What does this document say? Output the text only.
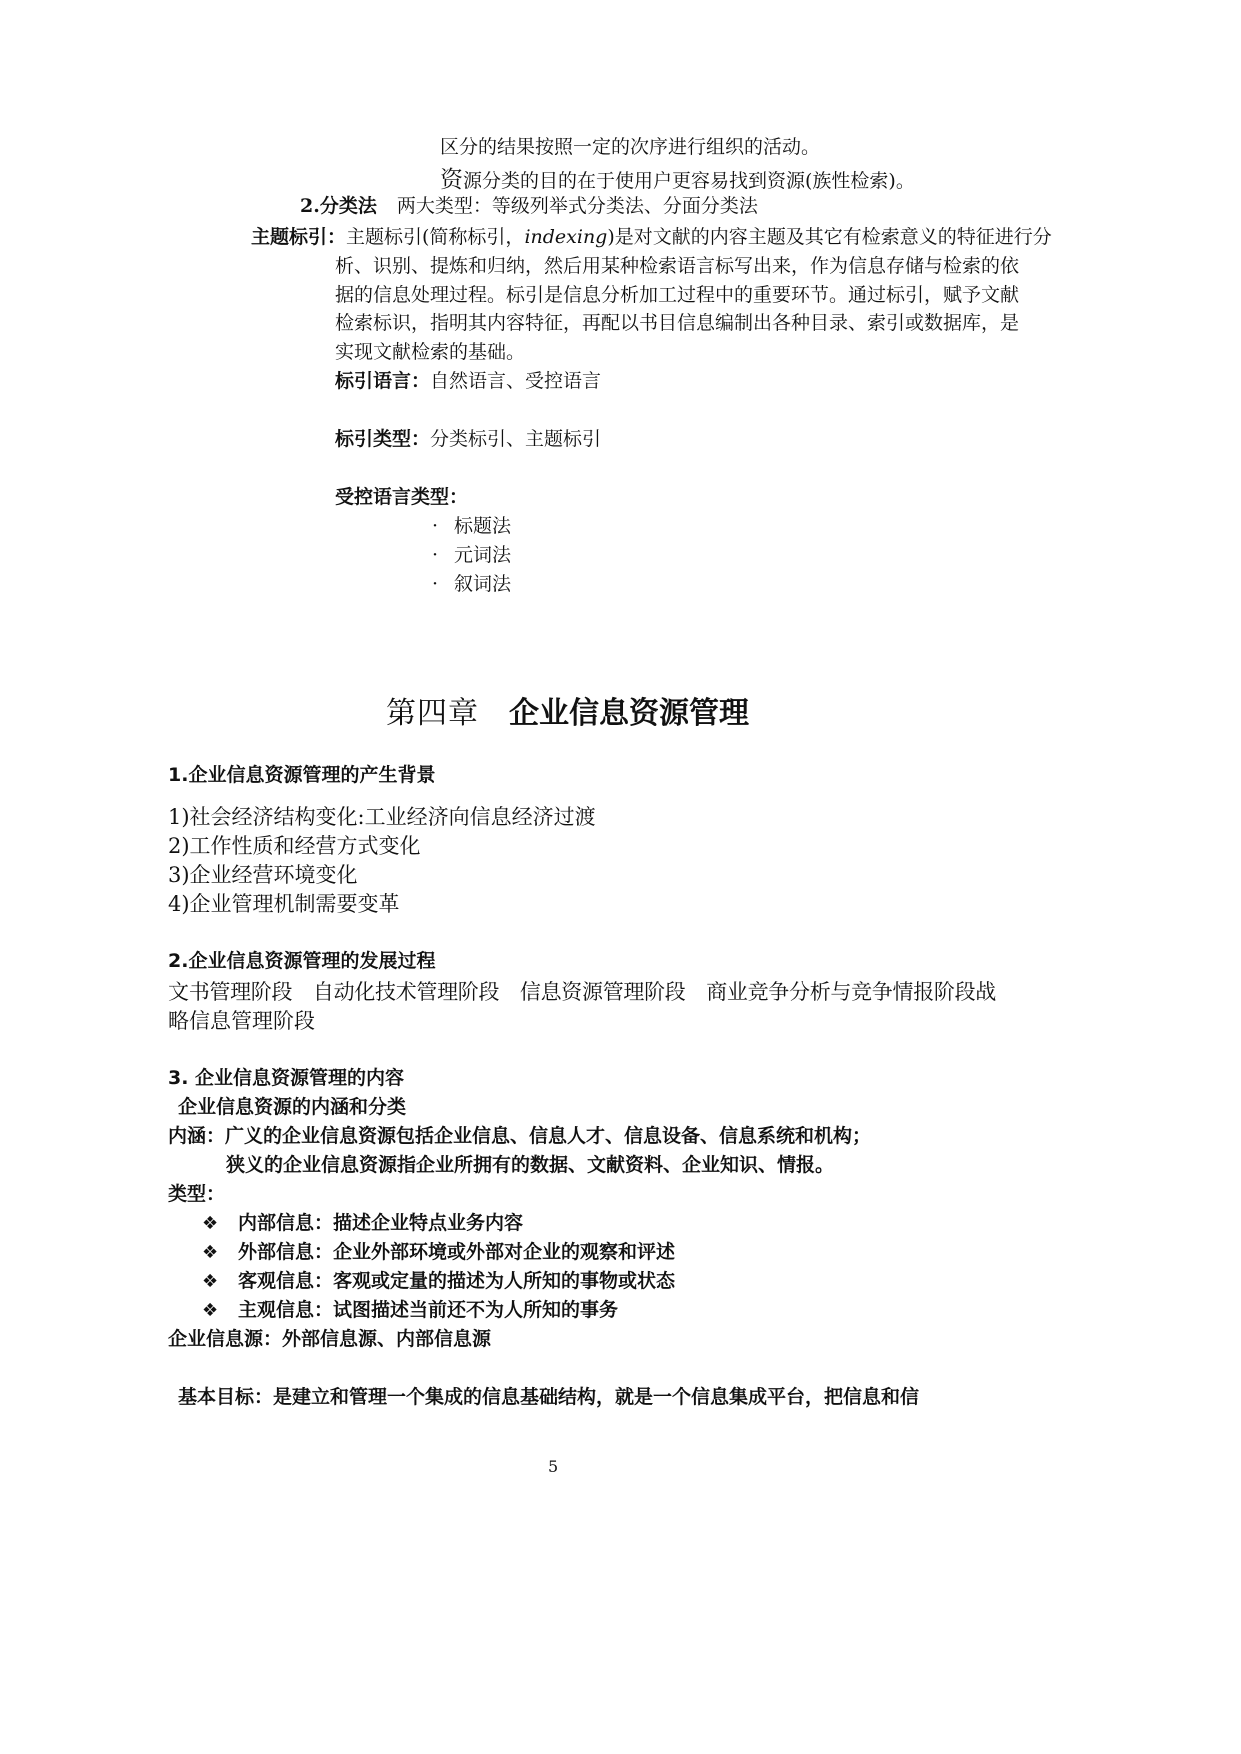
区分的结果按照一定的次序进行组织的活动。
资源分类的目的在于使用户更容易找到资源(族性检索)。
2.分类法 两大类型：等级列举式分类法、分面分类法
主题标引：主题标引(简称标引，indexing)是对文献的内容主题及其它有检索意义的特征进行分
析、识别、提炼和归纳，然后用某种检索语言标写出来，作为信息存储与检索的依
据的信息处理过程。标引是信息分析加工过程中的重要环节。通过标引，赋予文献
检索标识，指明其内容特征，再配以书目信息编制出各种目录、索引或数据库，是
实现文献检索的基础。
标引语言：自然语言、受控语言
标引类型：分类标引、主题标引
受控语言类型：
· 标题法
· 元词法
· 叙词法
第四章 企业信息资源管理
1.企业信息资源管理的产生背景
1)社会经济结构变化:工业经济向信息经济过渡
2)工作性质和经营方式变化
3)企业经营环境变化
4)企业管理机制需要变革
2.企业信息资源管理的发展过程
文书管理阶段　自动化技术管理阶段　信息资源管理阶段　商业竞争分析与竞争情报阶段战
略信息管理阶段
3. 企业信息资源管理的内容
企业信息资源的内涵和分类
内涵：广义的企业信息资源包括企业信息、信息人才、信息设备、信息系统和机构；
狭义的企业信息资源指企业所拥有的数据、文献资料、企业知识、情报。
类型：
❖ 内部信息：描述企业特点业务内容
❖ 外部信息：企业外部环境或外部对企业的观察和评述
❖ 客观信息：客观或定量的描述为人所知的事物或状态
❖ 主观信息：试图描述当前还不为人所知的事务
企业信息源：外部信息源、内部信息源
基本目标：是建立和管理一个集成的信息基础结构，就是一个信息集成平台，把信息和信
5
